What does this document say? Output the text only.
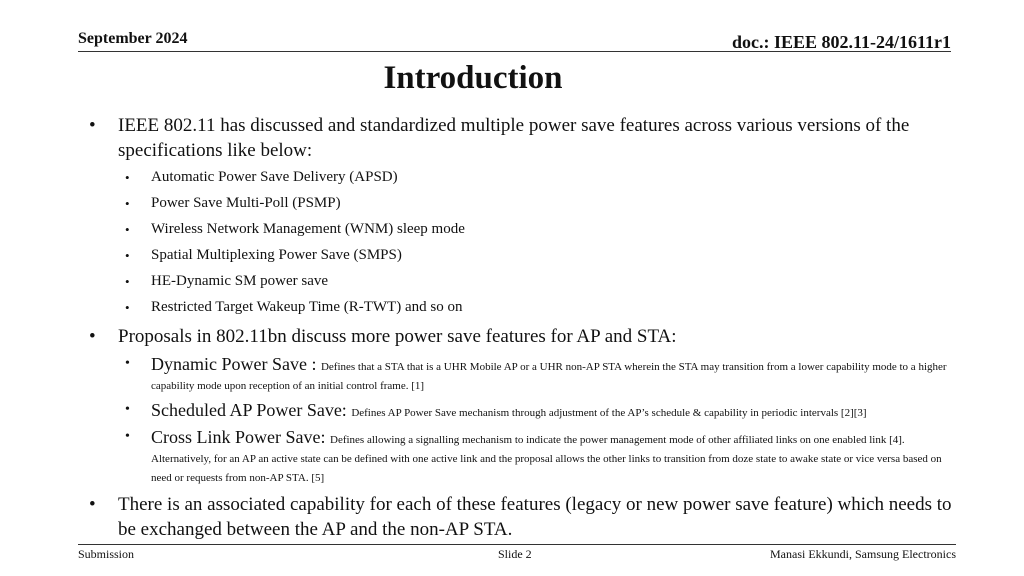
September 2024	doc.: IEEE 802.11-24/1611r1
Introduction
• IEEE 802.11 has discussed and standardized multiple power save features across various versions of the specifications like below:
• Automatic Power Save Delivery (APSD)
• Power Save Multi-Poll (PSMP)
• Wireless Network Management (WNM) sleep mode
• Spatial Multiplexing Power Save (SMPS)
• HE-Dynamic SM power save
• Restricted Target Wakeup Time (R-TWT) and so on
• Proposals in 802.11bn discuss more power save features for AP and STA:
• Dynamic Power Save : Defines that a STA that is a UHR Mobile AP or a UHR non-AP STA wherein the STA may transition from a lower capability mode to a higher capability mode upon reception of an initial control frame. [1]
• Scheduled AP Power Save: Defines AP Power Save mechanism through adjustment of the AP’s schedule & capability in periodic intervals [2][3]
• Cross Link Power Save: Defines allowing a signalling mechanism to indicate the power management mode of other affiliated links on one enabled link [4]. Alternatively, for an AP an active state can be defined with one active link and the proposal allows the other links to transition from doze state to awake state or vice versa based on need or requests from non-AP STA. [5]
• There is an associated capability for each of these features (legacy or new power save feature) which needs to be exchanged between the AP and the non-AP STA.
Submission	Slide 2	Manasi Ekkundi, Samsung Electronics
